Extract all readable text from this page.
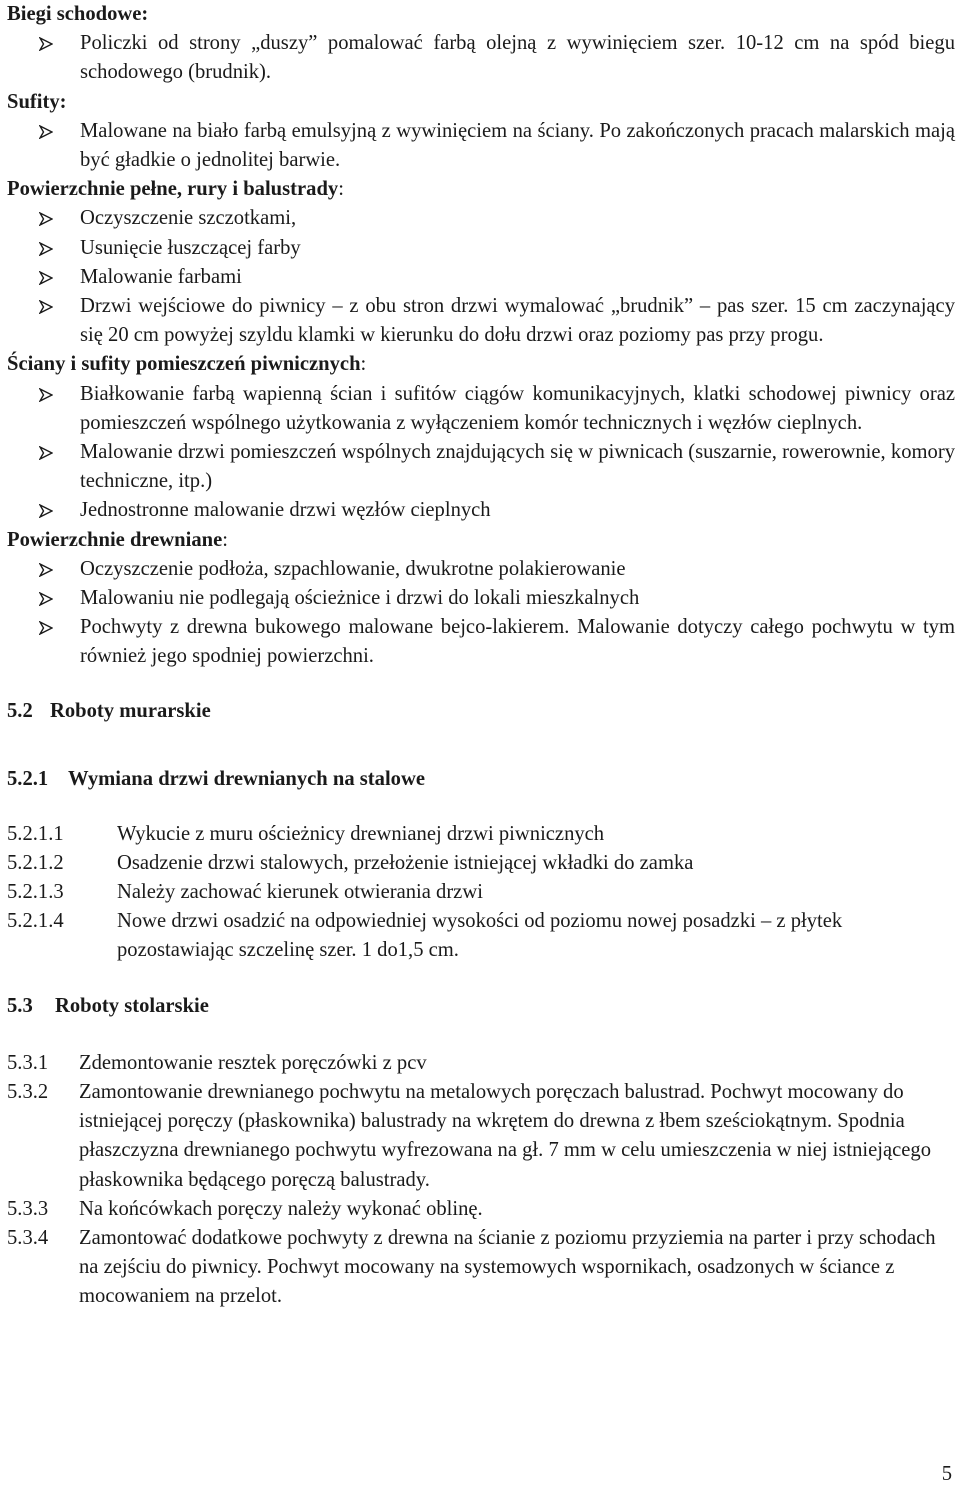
Biegi schodowe:
Policzki od strony „duszy” pomalować farbą olejną z wywinięciem szer. 10-12 cm na spód biegu schodowego (brudnik).
Sufity:
Malowane na biało farbą emulsyjną z wywinięciem na ściany. Po zakończonych pracach malarskich mają być gładkie o jednolitej barwie.
Powierzchnie pełne, rury i balustrady:
Oczyszczenie szczotkami,
Usunięcie łuszczącej farby
Malowanie farbami
Drzwi wejściowe do piwnicy – z obu stron drzwi wymalować „brudnik” – pas szer. 15 cm zaczynający się 20 cm powyżej szyldu klamki w kierunku do dołu drzwi oraz poziomy pas przy progu.
Ściany i sufity pomieszczeń piwnicznych:
Białkowanie farbą wapienną ścian i sufitów ciągów komunikacyjnych, klatki schodowej piwnicy oraz pomieszczeń wspólnego użytkowania z wyłączeniem komór technicznych i węzłów cieplnych.
Malowanie drzwi pomieszczeń wspólnych znajdujących się w piwnicach (suszarnie, rowerownie, komory techniczne, itp.)
Jednostronne malowanie drzwi węzłów cieplnych
Powierzchnie drewniane:
Oczyszczenie podłoża, szpachlowanie, dwukrotne polakierowanie
Malowaniu nie podlegają ościeżnice i drzwi do lokali mieszkalnych
Pochwyty z drewna bukowego malowane bejco-lakierem. Malowanie dotyczy całego pochwytu w tym również jego spodniej powierzchni.
5.2 Roboty murarskie
5.2.1 Wymiana drzwi drewnianych na stalowe
5.2.1.1	Wykucie z muru ościeżnicy drewnianej drzwi piwnicznych
5.2.1.2	Osadzenie drzwi stalowych, przełożenie istniejącej wkładki do zamka
5.2.1.3	Należy zachować kierunek otwierania drzwi
5.2.1.4	Nowe drzwi osadzić na odpowiedniej wysokości od poziomu nowej posadzki – z płytek pozostawiając szczelinę szer. 1 do1,5 cm.
5.3 Roboty stolarskie
5.3.1 Zdemontowanie resztek poręczówki z pcv
5.3.2 Zamontowanie drewnianego pochwytu na metalowych poręczach balustrad. Pochwyt mocowany do istniejącej poręczy (płaskownika) balustrady na wkrętem do drewna z łbem sześciokątnym. Spodnia płaszczyzna drewnianego pochwytu wyfrezowana na gł. 7 mm w celu umieszczenia w niej istniejącego płaskownika będącego poręczą balustrady.
5.3.3 Na końcówkach poręczy należy wykonać oblinę.
5.3.4 Zamontować dodatkowe pochwyty z drewna na ścianie z poziomu przyziemia na parter i przy schodach na zejściu do piwnicy. Pochwyt mocowany na systemowych wspornikach, osadzonych w ściance z mocowaniem na przelot.
5
